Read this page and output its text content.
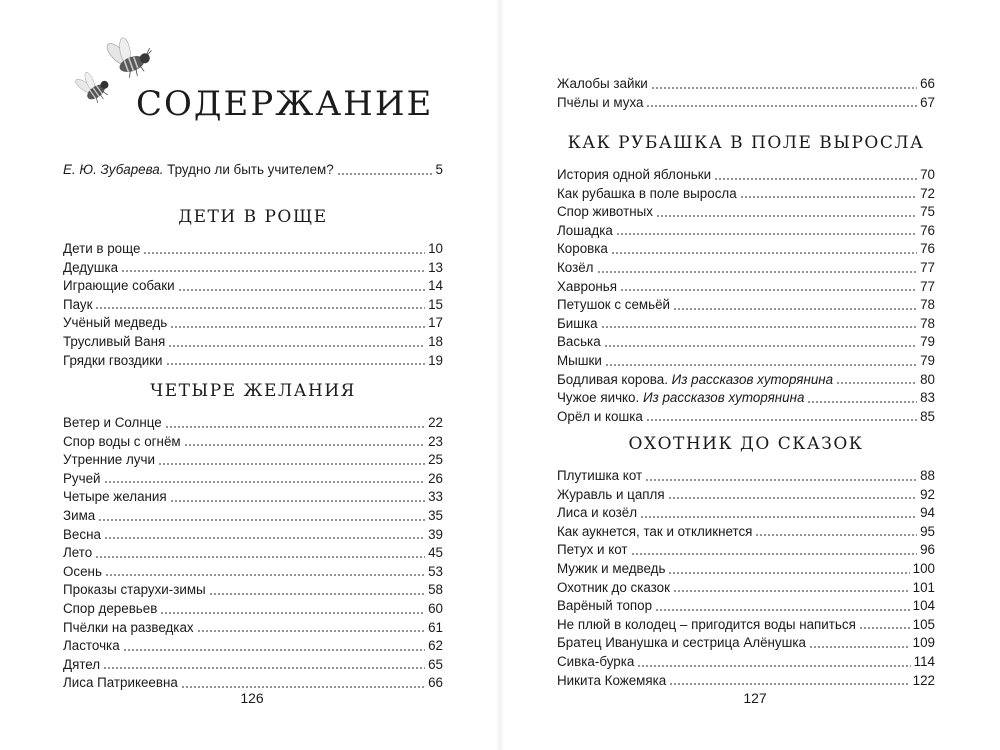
СОДЕРЖАНИЕ
Е. Ю. Зубарева. Трудно ли быть учителем?	5
ДЕТИ В РОЩЕ
Дети в роще	10
Дедушка	13
Играющие собаки	14
Паук	15
Учёный медведь	17
Трусливый Ваня	18
Грядки гвоздики	19
ЧЕТЫРЕ ЖЕЛАНИЯ
Ветер и Солнце	22
Спор воды с огнём	23
Утренние лучи	25
Ручей	26
Четыре желания	33
Зима	35
Весна	39
Лето	45
Осень	53
Проказы старухи-зимы	58
Спор деревьев	60
Пчёлки на разведках	61
Ласточка	62
Дятел	65
Лиса Патрикеевна	66
126
Жалобы зайки	66
Пчёлы и муха	67
КАК РУБАШКА В ПОЛЕ ВЫРОСЛА
История одной яблоньки	70
Как рубашка в поле выросла	72
Спор животных	75
Лошадка	76
Коровка	76
Козёл	77
Хавронья	77
Петушок с семьёй	78
Бишка	78
Васька	79
Мышки	79
Бодливая корова. Из рассказов хуторянина	80
Чужое яичко. Из рассказов хуторянина	83
Орёл и кошка	85
ОХОТНИК ДО СКАЗОК
Плутишка кот	88
Журавль и цапля	92
Лиса и козёл	94
Как аукнется, так и откликнется	95
Петух и кот	96
Мужик и медведь	100
Охотник до сказок	101
Варёный топор	104
Не плюй в колодец – пригодится воды напиться	105
Братец Иванушка и сестрица Алёнушка	109
Сивка-бурка	114
Никита Кожемяка	122
127
